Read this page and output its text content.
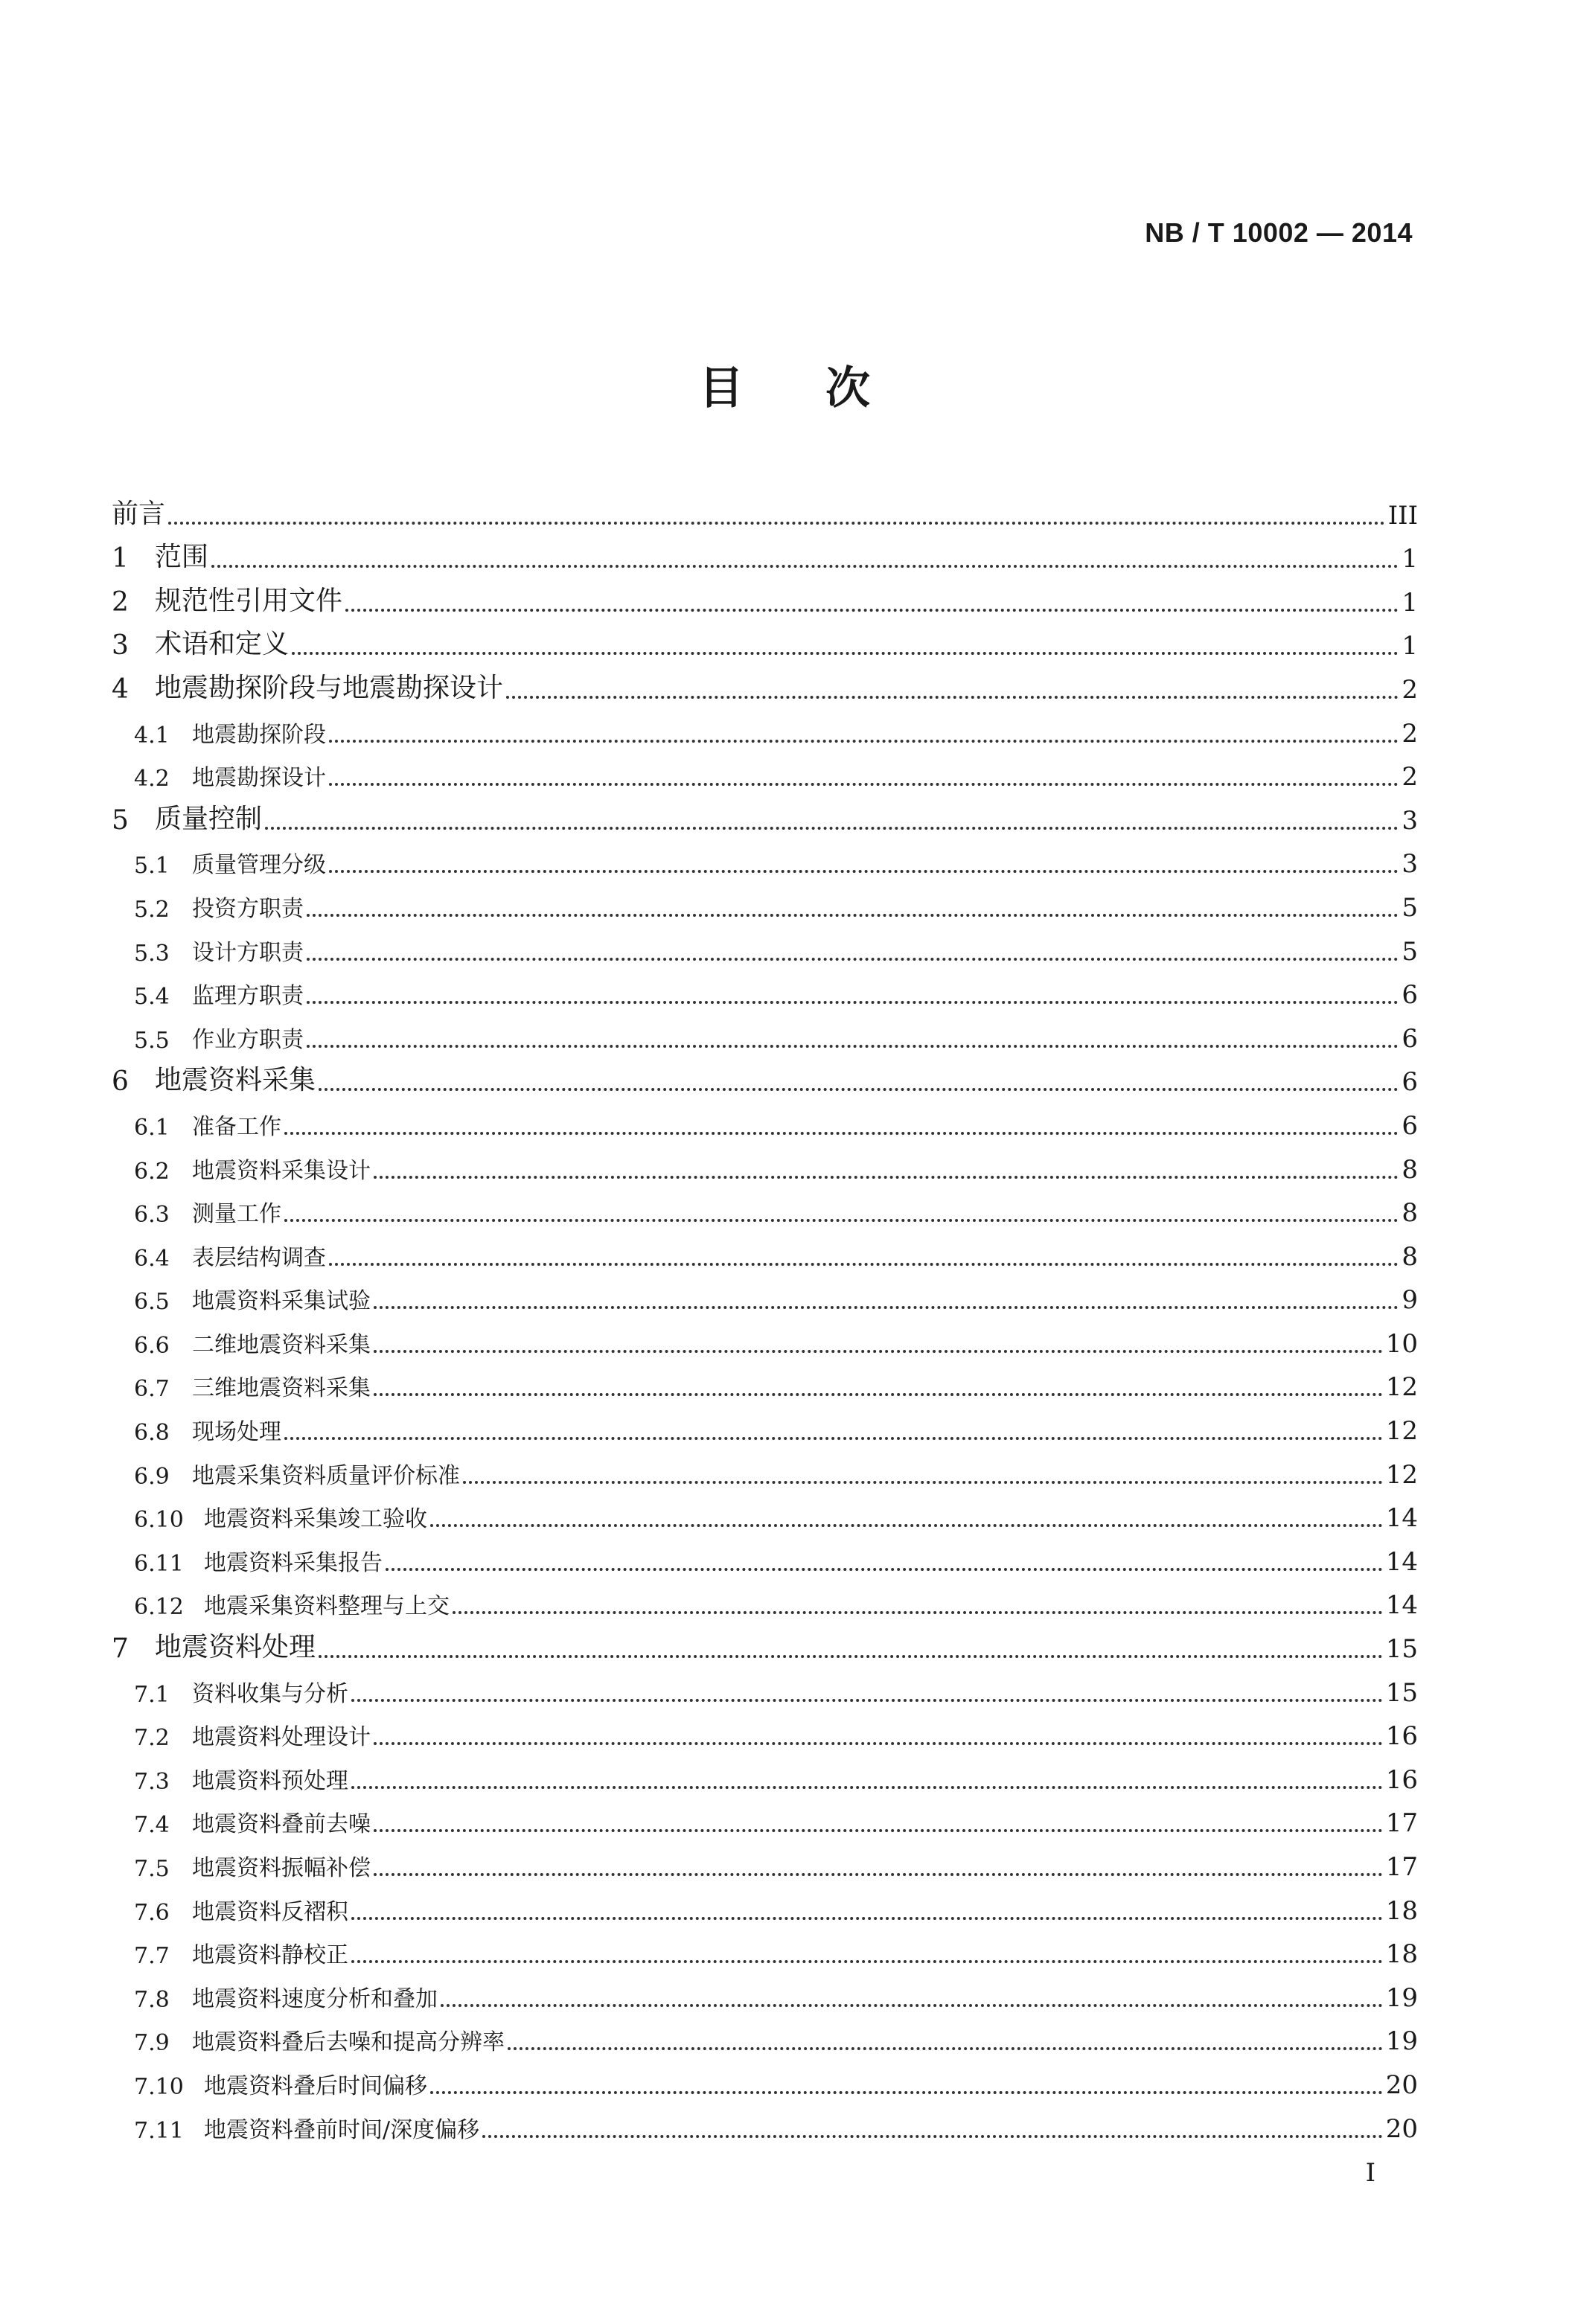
NB / T 10002 — 2014
目次
前言	III
1 范围	1
2 规范性引用文件	1
3 术语和定义	1
4 地震勘探阶段与地震勘探设计	2
4.1	地震勘探阶段	2
4.2	地震勘探设计	2
5 质量控制	3
5.1	质量管理分级	3
5.2	投资方职责	5
5.3	设计方职责	5
5.4	监理方职责	6
5.5	作业方职责	6
6 地震资料采集	6
6.1	准备工作	6
6.2	地震资料采集设计	8
6.3	测量工作	8
6.4	表层结构调查	8
6.5	地震资料采集试验	9
6.6	二维地震资料采集	10
6.7	三维地震资料采集	12
6.8	现场处理	12
6.9	地震采集资料质量评价标准	12
6.10 地震资料采集竣工验收	14
6.11 地震资料采集报告	14
6.12 地震采集资料整理与上交	14
7 地震资料处理	15
7.1	资料收集与分析	15
7.2	地震资料处理设计	16
7.3	地震资料预处理	16
7.4	地震资料叠前去噪	17
7.5	地震资料振幅补偿	17
7.6	地震资料反褶积	18
7.7	地震资料静校正	18
7.8	地震资料速度分析和叠加	19
7.9	地震资料叠后去噪和提高分辨率	19
7.10 地震资料叠后时间偏移	20
7.11 地震资料叠前时间/深度偏移	20
I
